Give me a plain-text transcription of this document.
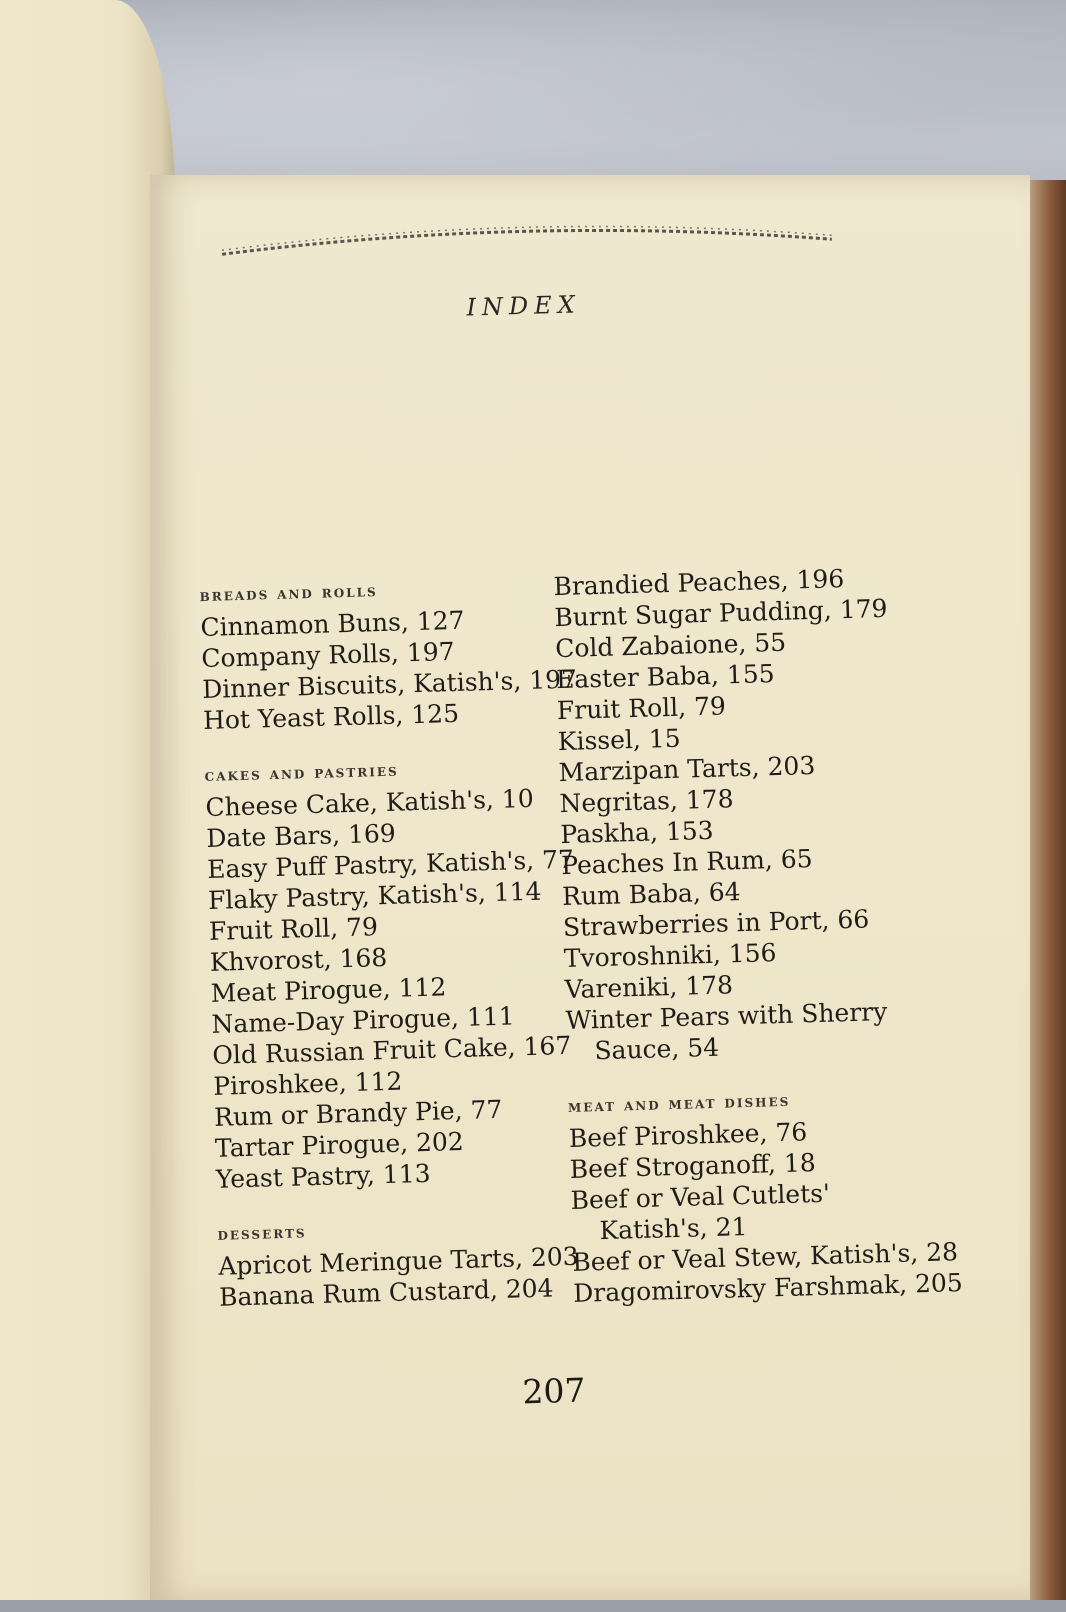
INDEX
breads and rolls
Cinnamon Buns, 127
Company Rolls, 197
Dinner Biscuits, Katish's, 197
Hot Yeast Rolls, 125
cakes and pastries
Cheese Cake, Katish's, 10
Date Bars, 169
Easy Puff Pastry, Katish's, 77
Flaky Pastry, Katish's, 114
Fruit Roll, 79
Khvorost, 168
Meat Pirogue, 112
Name-Day Pirogue, 111
Old Russian Fruit Cake, 167
Piroshkee, 112
Rum or Brandy Pie, 77
Tartar Pirogue, 202
Yeast Pastry, 113
desserts
Apricot Meringue Tarts, 203
Banana Rum Custard, 204
Brandied Peaches, 196
Burnt Sugar Pudding, 179
Cold Zabaione, 55
Easter Baba, 155
Fruit Roll, 79
Kissel, 15
Marzipan Tarts, 203
Negritas, 178
Paskha, 153
Peaches In Rum, 65
Rum Baba, 64
Strawberries in Port, 66
Tvoroshniki, 156
Vareniki, 178
Winter Pears with Sherry Sauce, 54
meat and meat dishes
Beef Piroshkee, 76
Beef Stroganoff, 18
Beef or Veal Cutlets' Katish's, 21
Beef or Veal Stew, Katish's, 28
Dragomirovsky Farshmak, 205
207
